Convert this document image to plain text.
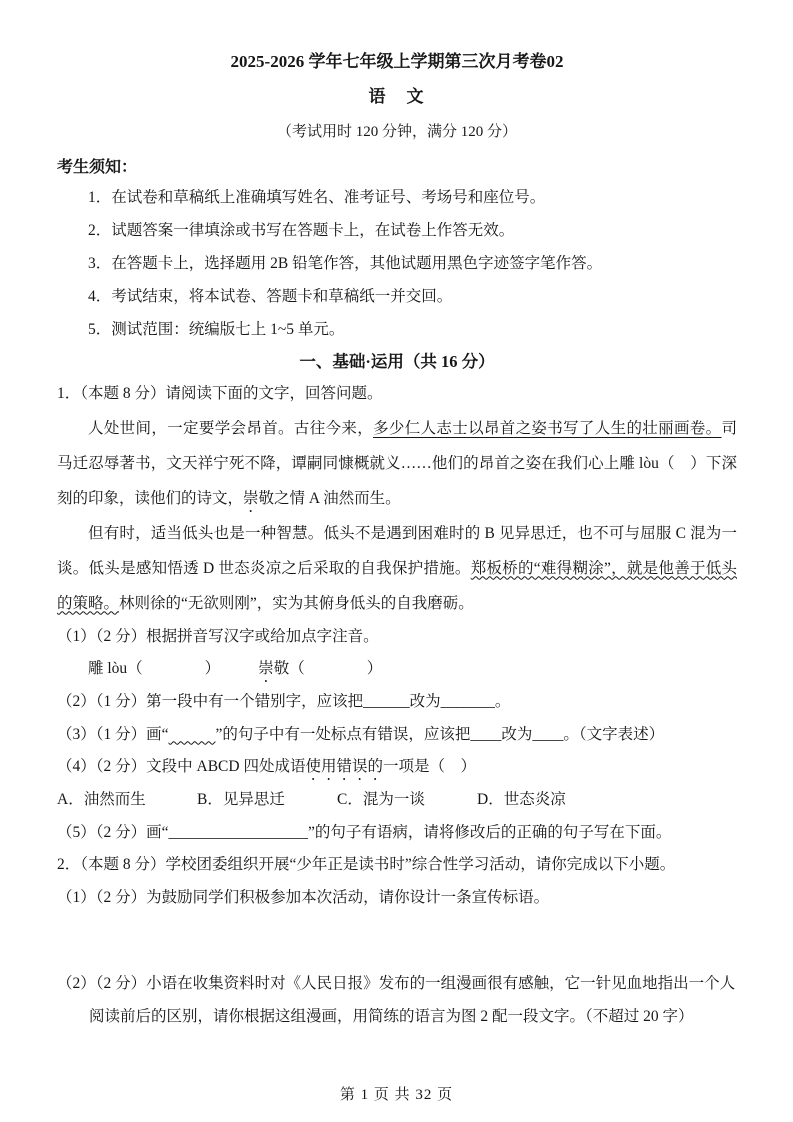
2025-2026 学年七年级上学期第三次月考卷02
语　文
（考试用时 120 分钟，满分 120 分）
考生须知：
1．在试卷和草稿纸上准确填写姓名、准考证号、考场号和座位号。
2．试题答案一律填涂或书写在答题卡上，在试卷上作答无效。
3．在答题卡上，选择题用 2B 铅笔作答，其他试题用黑色字迹签字笔作答。
4．考试结束，将本试卷、答题卡和草稿纸一并交回。
5．测试范围：统编版七上 1~5 单元。
一、基础·运用（共 16 分）
1．（本题 8 分）请阅读下面的文字，回答问题。

人处世间，一定要学会昂首。古往今来，多少仁人志士以昂首之姿书写了人生的壮丽画卷。司马迁忍辱著书，文天祥宁死不降，谭嗣同慷概就义……他们的昂首之姿在我们心上雕 lòu（　）下深刻的印象，读他们的诗文，崇敬之情 A 油然而生。

但有时，适当低头也是一种智慧。低头不是遇到困难时的 B 见异思迁，也不可与屈服 C 混为一谈。低头是感知悟透 D 世态炎凉之后采取的自我保护措施。郑板桥的“难得糊涂”，就是他善于低头的策略。林则徐的“无欲则刚”，实为其俯身低头的自我磨砺。

（1）（2 分）根据拼音写汉字或给加点字注音。
雕 lòu（　　　　） 崇敬（　　　　）
（2）（1 分）第一段中有一个错别字，应该把______改为_______。
（3）（1 分）画“	”的句子中有一处标点有错误，应该把____改为____。（文字表述）
（4）（2 分）文段中 ABCD 四处成语使用错误的一项是（　）
A．油然而生	B．见异思迁	C．混为一谈	D．世态炎凉
（5）（2 分）画“__________________”的句子有语病，请将修改后的正确的句子写在下面。
2．（本题 8 分）学校团委组织开展“少年正是读书时”综合性学习活动，请你完成以下小题。
（1）（2 分）为鼓励同学们积极参加本次活动，请你设计一条宣传标语。
（2）（2 分）小语在收集资料时对《人民日报》发布的一组漫画很有感触，它一针见血地指出一个人阅读前后的区别，请你根据这组漫画，用简练的语言为图 2 配一段文字。（不超过 20 字）
第 1 页 共 32 页
